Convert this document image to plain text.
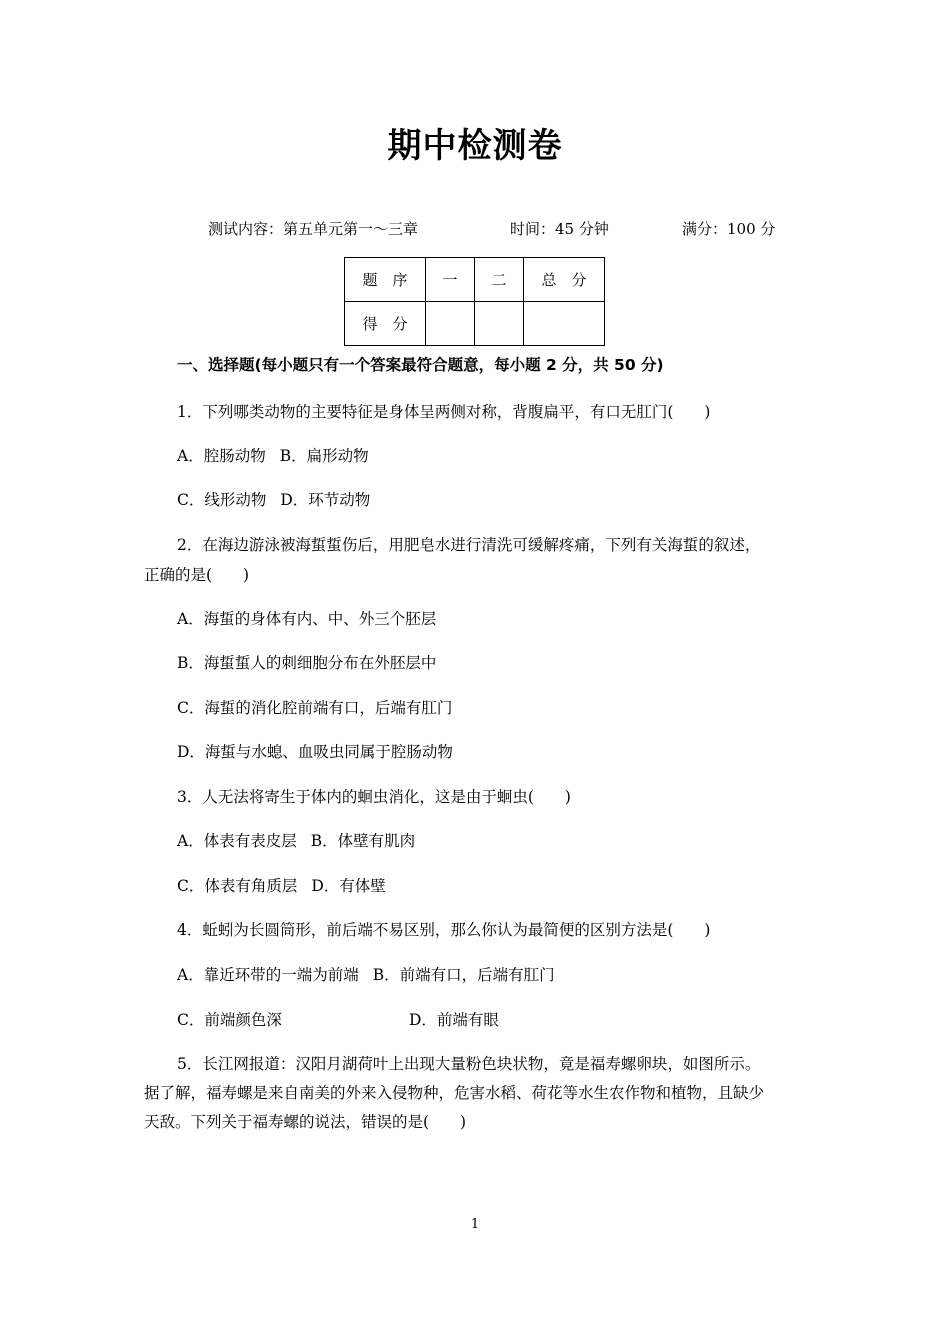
期中检测卷
测试内容：第五单元第一～三章	时间：45 分钟	满分：100 分
题　序	一	二	总　分
得　分			
一、选择题(每小题只有一个答案最符合题意，每小题 2 分，共 50 分)
1．下列哪类动物的主要特征是身体呈两侧对称，背腹扁平，有口无肛门(　　)
A．腔肠动物 B．扁形动物
C．线形动物 D．环节动物
2．在海边游泳被海蜇蜇伤后，用肥皂水进行清洗可缓解疼痛，下列有关海蜇的叙述，
正确的是(　　)
A．海蜇的身体有内、中、外三个胚层
B．海蜇蜇人的刺细胞分布在外胚层中
C．海蜇的消化腔前端有口，后端有肛门
D．海蜇与水螅、血吸虫同属于腔肠动物
3．人无法将寄生于体内的蛔虫消化，这是由于蛔虫(　　)
A．体表有表皮层 B．体壁有肌肉
C．体表有角质层 D．有体壁
4．蚯蚓为长圆筒形，前后端不易区别，那么你认为最简便的区别方法是(　　)
A．靠近环带的一端为前端 B．前端有口，后端有肛门
C．前端颜色深	D．前端有眼
5．长江网报道：汉阳月湖荷叶上出现大量粉色块状物，竟是福寿螺卵块，如图所示。
据了解，福寿螺是来自南美的外来入侵物种，危害水稻、荷花等水生农作物和植物，且缺少
天敌。下列关于福寿螺的说法，错误的是(　　)
1
